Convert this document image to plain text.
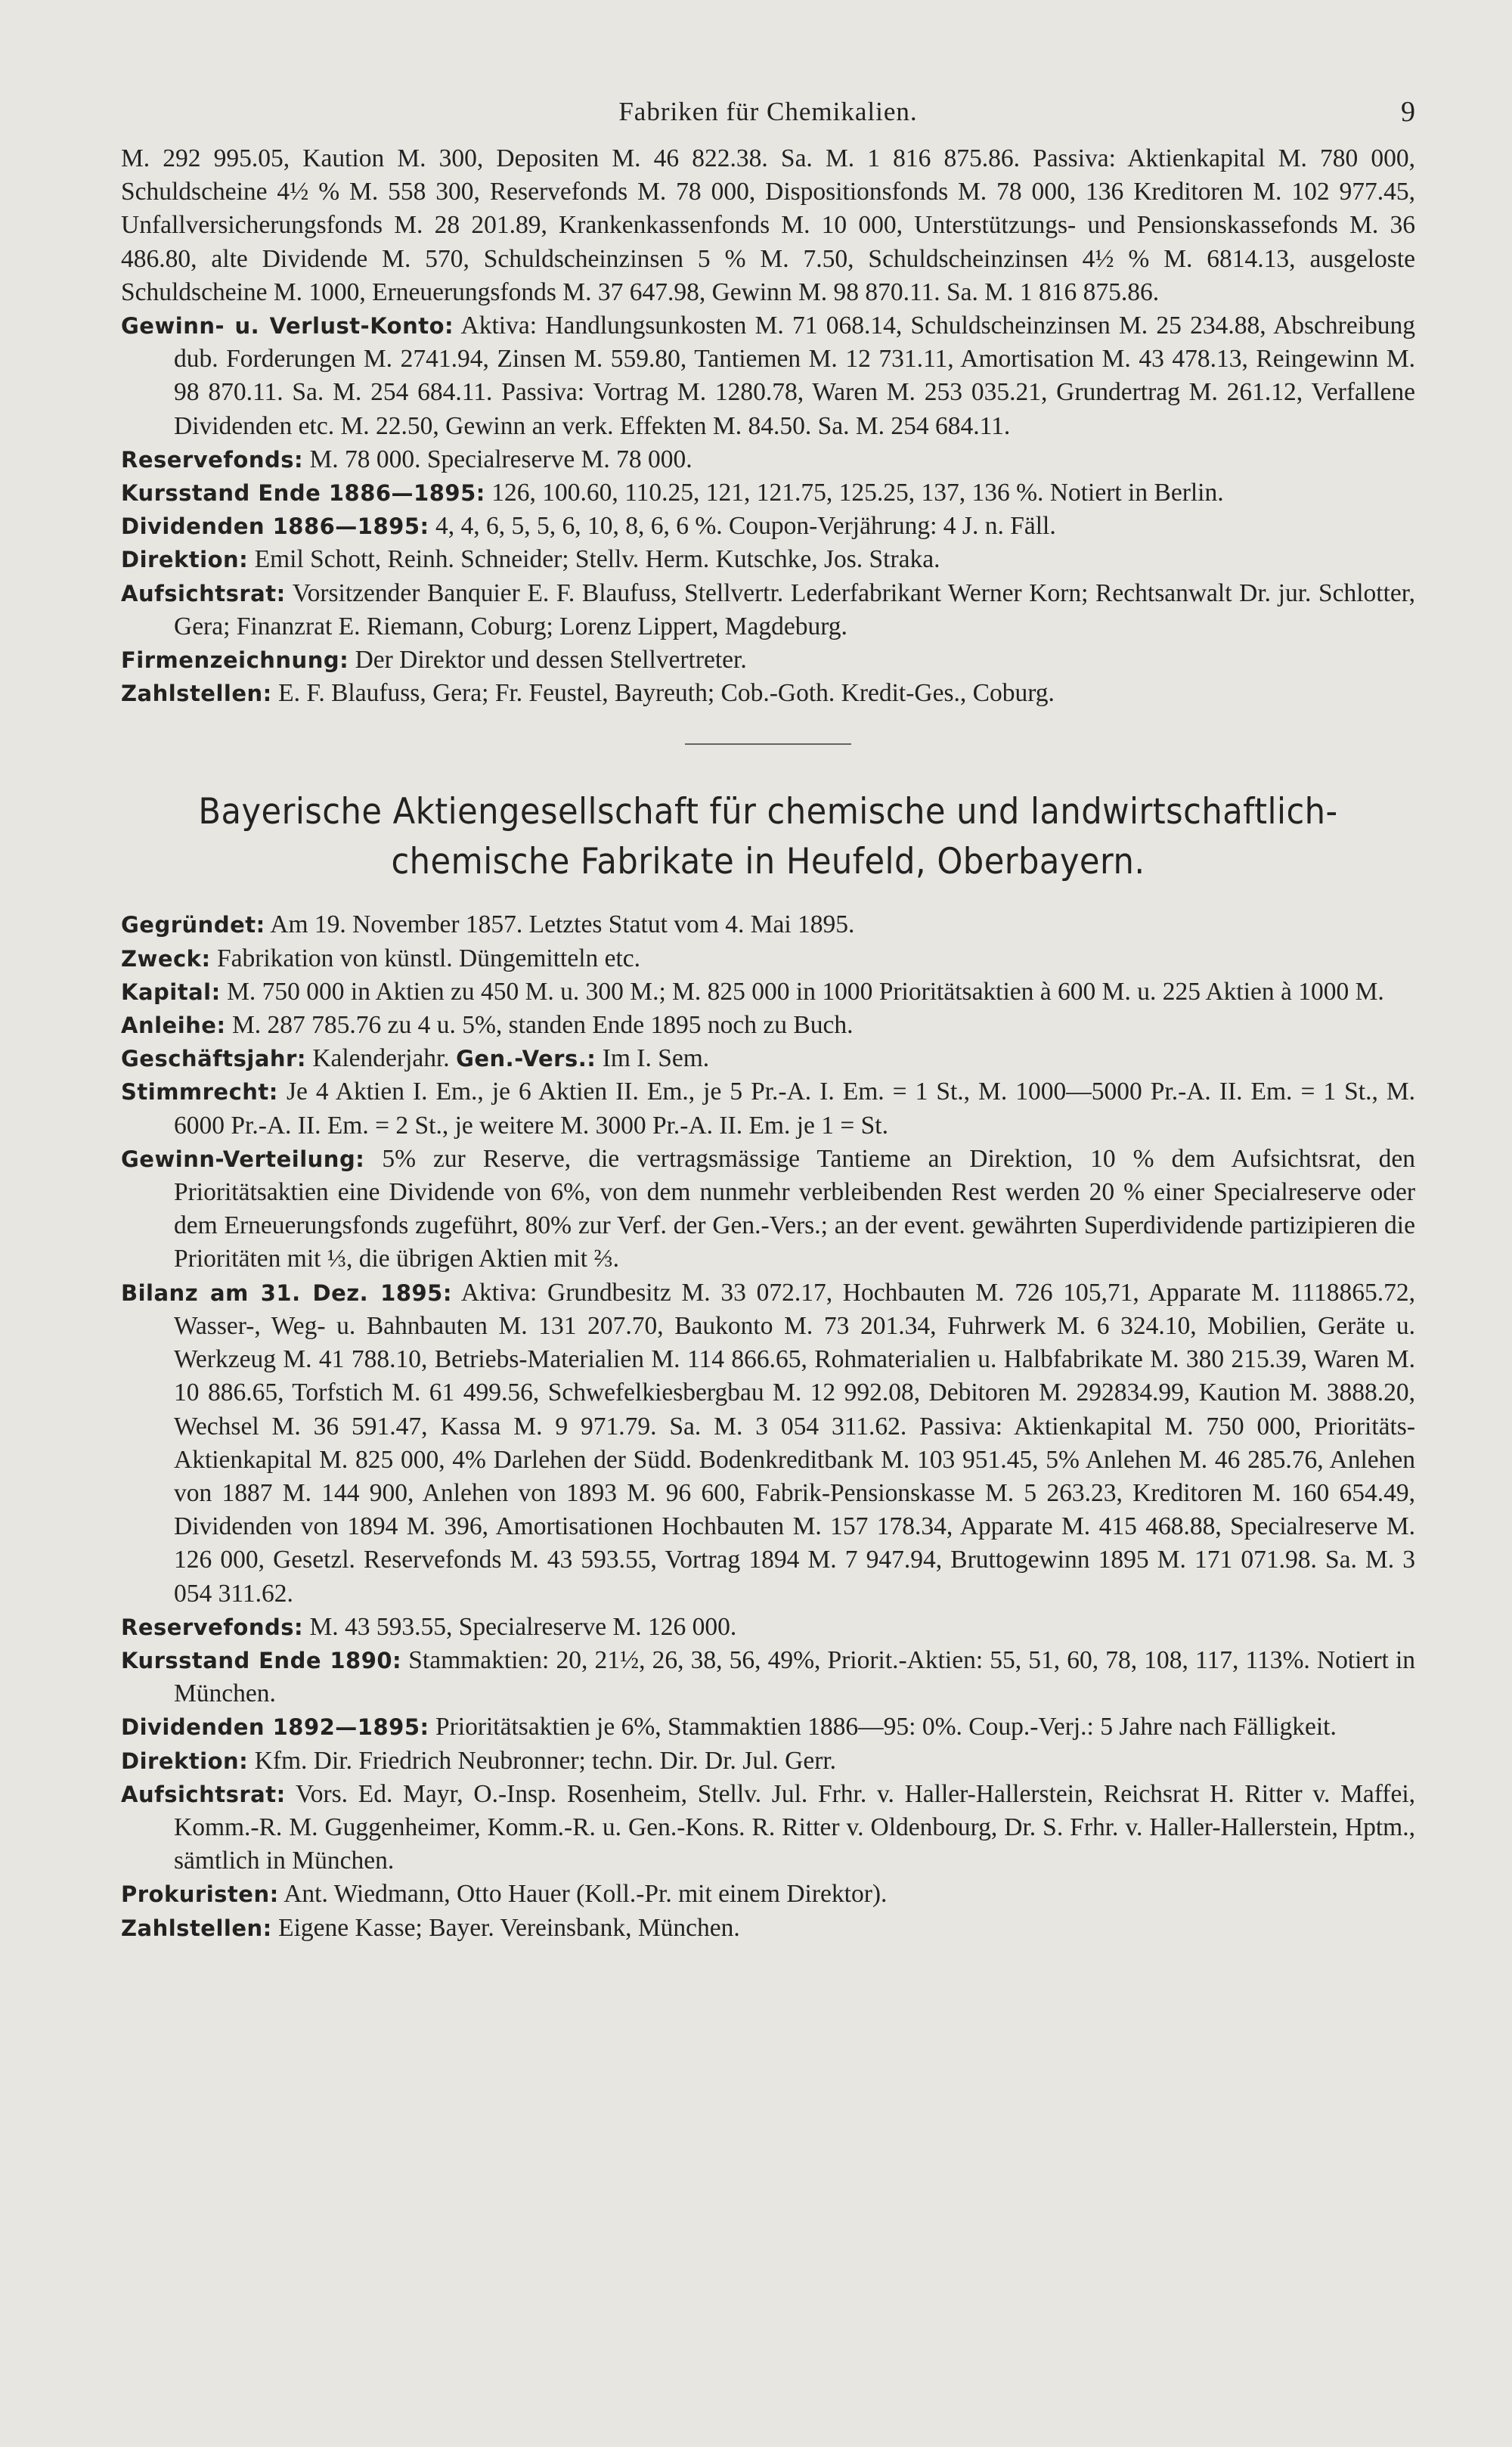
Fabriken für Chemikalien.	9

M. 292 995.05, Kaution M. 300, Depositen M. 46 822.38. Sa. M. 1 816 875.86. Passiva: Aktienkapital M. 780 000, Schuldscheine 4½ % M. 558 300, Reservefonds M. 78 000, Dispositionsfonds M. 78 000, 136 Kreditoren M. 102 977.45, Unfallversicherungsfonds M. 28 201.89, Krankenkassenfonds M. 10 000, Unterstützungs- und Pensionskassefonds M. 36 486.80, alte Dividende M. 570, Schuldscheinzinsen 5 % M. 7.50, Schuldscheinzinsen 4½ % M. 6814.13, ausgeloste Schuldscheine M. 1000, Erneuerungsfonds M. 37 647.98, Gewinn M. 98 870.11. Sa. M. 1 816 875.86.

Gewinn- u. Verlust-Konto: Aktiva: Handlungsunkosten M. 71 068.14, Schuldscheinzinsen M. 25 234.88, Abschreibung dub. Forderungen M. 2741.94, Zinsen M. 559.80, Tantiemen M. 12 731.11, Amortisation M. 43 478.13, Reingewinn M. 98 870.11. Sa. M. 254 684.11. Passiva: Vortrag M. 1280.78, Waren M. 253 035.21, Grundertrag M. 261.12, Verfallene Dividenden etc. M. 22.50, Gewinn an verk. Effekten M. 84.50. Sa. M. 254 684.11.

Reservefonds: M. 78 000. Specialreserve M. 78 000.

Kursstand Ende 1886—1895: 126, 100.60, 110.25, 121, 121.75, 125.25, 137, 136 %. Notiert in Berlin.

Dividenden 1886—1895: 4, 4, 6, 5, 5, 6, 10, 8, 6, 6 %. Coupon-Verjährung: 4 J. n. Fäll.

Direktion: Emil Schott, Reinh. Schneider; Stellv. Herm. Kutschke, Jos. Straka.

Aufsichtsrat: Vorsitzender Banquier E. F. Blaufuss, Stellvertr. Lederfabrikant Werner Korn; Rechtsanwalt Dr. jur. Schlotter, Gera; Finanzrat E. Riemann, Coburg; Lorenz Lippert, Magdeburg.

Firmenzeichnung: Der Direktor und dessen Stellvertreter.

Zahlstellen: E. F. Blaufuss, Gera; Fr. Feustel, Bayreuth; Cob.-Goth. Kredit-Ges., Coburg.

Bayerische Aktiengesellschaft für chemische und landwirtschaftlich-
chemische Fabrikate in Heufeld, Oberbayern.

Gegründet: Am 19. November 1857. Letztes Statut vom 4. Mai 1895.

Zweck: Fabrikation von künstl. Düngemitteln etc.

Kapital: M. 750 000 in Aktien zu 450 M. u. 300 M.; M. 825 000 in 1000 Prioritätsaktien à 600 M. u. 225 Aktien à 1000 M.

Anleihe: M. 287 785.76 zu 4 u. 5%, standen Ende 1895 noch zu Buch.

Geschäftsjahr: Kalenderjahr. Gen.-Vers.: Im I. Sem.

Stimmrecht: Je 4 Aktien I. Em., je 6 Aktien II. Em., je 5 Pr.-A. I. Em. = 1 St., M. 1000—5000 Pr.-A. II. Em. = 1 St., M. 6000 Pr.-A. II. Em. = 2 St., je weitere M. 3000 Pr.-A. II. Em. je 1 = St.

Gewinn-Verteilung: 5% zur Reserve, die vertragsmässige Tantieme an Direktion, 10 % dem Aufsichtsrat, den Prioritätsaktien eine Dividende von 6%, von dem nunmehr verbleibenden Rest werden 20 % einer Specialreserve oder dem Erneuerungsfonds zugeführt, 80% zur Verf. der Gen.-Vers.; an der event. gewährten Superdividende partizipieren die Prioritäten mit ⅓, die übrigen Aktien mit ⅔.

Bilanz am 31. Dez. 1895: Aktiva: Grundbesitz M. 33 072.17, Hochbauten M. 726 105,71, Apparate M. 1118865.72, Wasser-, Weg- u. Bahnbauten M. 131 207.70, Baukonto M. 73 201.34, Fuhrwerk M. 6 324.10, Mobilien, Geräte u. Werkzeug M. 41 788.10, Betriebs-Materialien M. 114 866.65, Rohmaterialien u. Halbfabrikate M. 380 215.39, Waren M. 10 886.65, Torfstich M. 61 499.56, Schwefelkiesbergbau M. 12 992.08, Debitoren M. 292834.99, Kaution M. 3888.20, Wechsel M. 36 591.47, Kassa M. 9 971.79. Sa. M. 3 054 311.62. Passiva: Aktienkapital M. 750 000, Prioritäts-Aktienkapital M. 825 000, 4% Darlehen der Südd. Bodenkreditbank M. 103 951.45, 5% Anlehen M. 46 285.76, Anlehen von 1887 M. 144 900, Anlehen von 1893 M. 96 600, Fabrik-Pensionskasse M. 5 263.23, Kreditoren M. 160 654.49, Dividenden von 1894 M. 396, Amortisationen Hochbauten M. 157 178.34, Apparate M. 415 468.88, Specialreserve M. 126 000, Gesetzl. Reservefonds M. 43 593.55, Vortrag 1894 M. 7 947.94, Bruttogewinn 1895 M. 171 071.98. Sa. M. 3 054 311.62.

Reservefonds: M. 43 593.55, Specialreserve M. 126 000.

Kursstand Ende 1890: Stammaktien: 20, 21½, 26, 38, 56, 49%, Priorit.-Aktien: 55, 51, 60, 78, 108, 117, 113%. Notiert in München.

Dividenden 1892—1895: Prioritätsaktien je 6%, Stammaktien 1886—95: 0%. Coup.-Verj.: 5 Jahre nach Fälligkeit.

Direktion: Kfm. Dir. Friedrich Neubronner; techn. Dir. Dr. Jul. Gerr.

Aufsichtsrat: Vors. Ed. Mayr, O.-Insp. Rosenheim, Stellv. Jul. Frhr. v. Haller-Hallerstein, Reichsrat H. Ritter v. Maffei, Komm.-R. M. Guggenheimer, Komm.-R. u. Gen.-Kons. R. Ritter v. Oldenbourg, Dr. S. Frhr. v. Haller-Hallerstein, Hptm., sämtlich in München.

Prokuristen: Ant. Wiedmann, Otto Hauer (Koll.-Pr. mit einem Direktor).

Zahlstellen: Eigene Kasse; Bayer. Vereinsbank, München.
